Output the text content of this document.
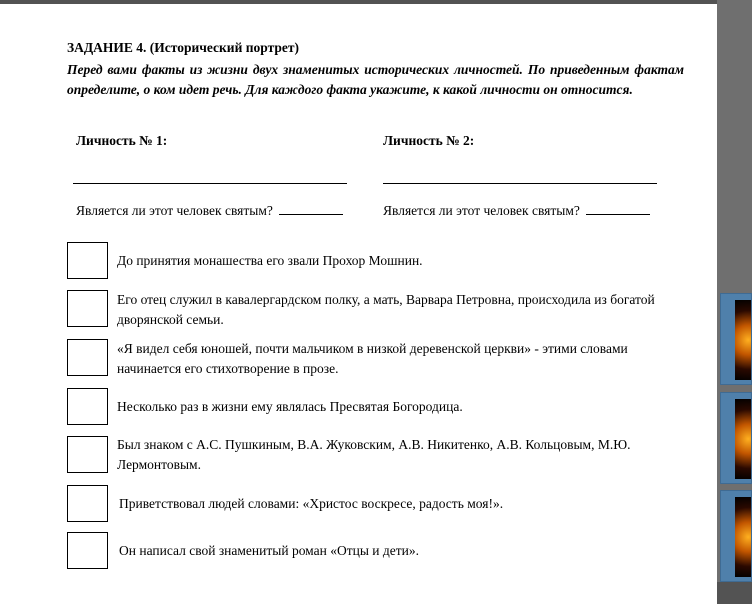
ЗАДАНИЕ 4. (Исторический портрет)
Перед вами факты из жизни двух знаменитых исторических личностей. По приведенным фактам определите, о ком идет речь. Для каждого факта укажите, к какой личности он относится.
Личность № 1:	Личность № 2:
Является ли этот человек святым?	Является ли этот человек святым?
До принятия монашества его звали Прохор Мошнин.
Его отец служил в кавалергардском полку, а мать, Варвара Петровна, происходила из богатой дворянской семьи.
«Я видел себя юношей, почти мальчиком в низкой деревенской церкви» - этими словами начинается его стихотворение в прозе.
Несколько раз в жизни ему являлась Пресвятая Богородица.
Был знаком с А.С. Пушкиным, В.А. Жуковским, А.В. Никитенко, А.В. Кольцовым, М.Ю. Лермонтовым.
Приветствовал людей словами: «Христос воскресе, радость моя!».
Он написал свой знаменитый роман «Отцы и дети».
